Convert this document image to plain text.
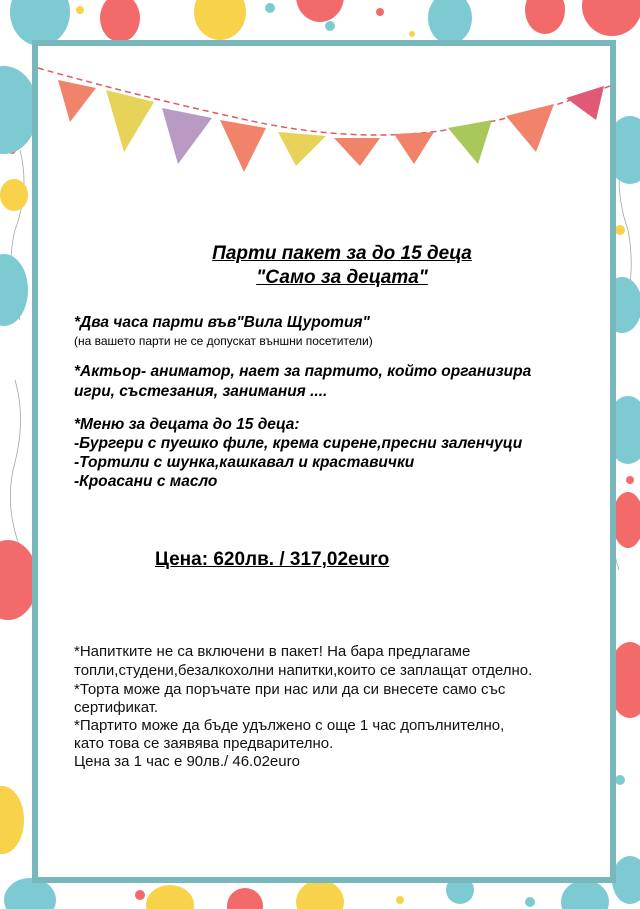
Парти пакет за до 15 деца
"Само за децата"
*Два часа парти във"Вила Щуротия"
(на вашето парти не се допускат външни посетители)
*Актьор- аниматор, нает за партито, който организира
игри, състезания, занимания ....
*Меню за децата до 15 деца:
-Бургери с пуешко филе, крема сирене,пресни заленчуци
-Тортили с шунка,кашкавал и краставички
-Кроасани с масло
Цена: 620лв. / 317,02euro
*Напитките не са включени в пакет! На бара предлагаме
топли,студени,безалкохолни напитки,които се заплащат отделно.
*Торта може да поръчате при нас или да си внесете само със
сертификат.
*Партито може да бъде удължено с още 1 час допълнително,
като това се заявява предварително.
Цена за 1 час е 90лв./ 46.02euro
